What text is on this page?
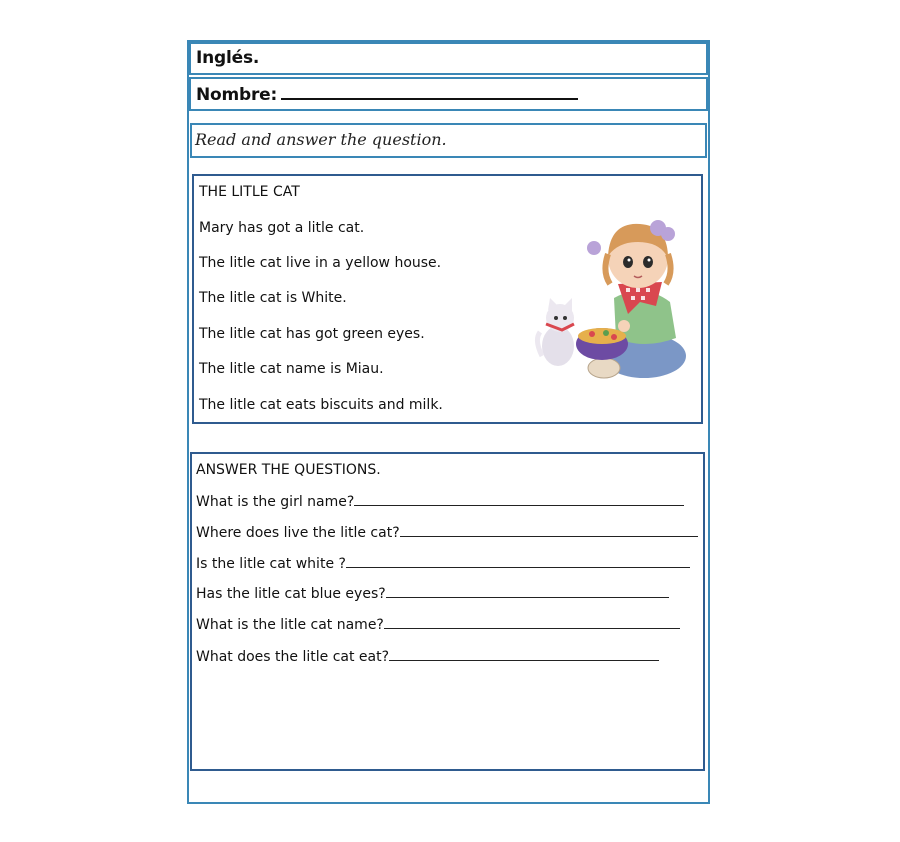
Inglés.
Nombre:
Read and answer the question.
THE LITLE CAT
Mary has got a litle cat.
The litle cat live in a yellow house.
The litle cat is White.
The litle cat has got green eyes.
The litle cat name is Miau.
The litle cat eats biscuits and milk.
ANSWER THE QUESTIONS.
What is the girl name?
Where does live the litle cat?
Is the litle cat white ?
Has the litle cat blue eyes?
What is the litle cat name?
What does the litle cat eat?
